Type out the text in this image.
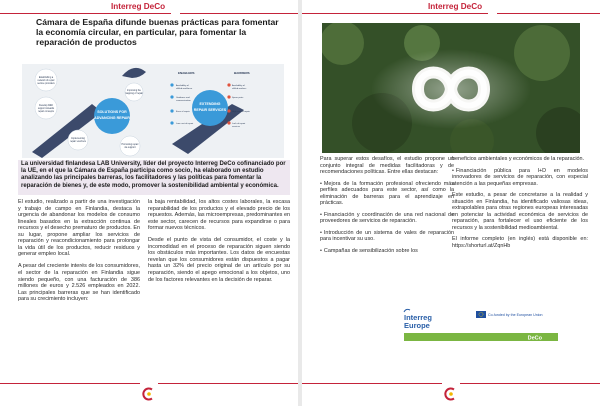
Interreg DeCo
Cámara de España difunde buenas prácticas para fomentar la economía circular, en particular, para fomentar la reparación de productos
SOLUTIONS FOR
ADVANCING REPAIR
Establishing a
network of repair
service providers
Develop R&D
support towards
repair concepts
Implementing
repair vouchers
Promoting repair
via support
Improving the
mapping of repair
EXTENDING
REPAIR SERVICES
ENABLERS	BARRIERS
Availability of
skilled workforce
Guidance and
communication
Ease of repair
Low cost of repair
Availability of
skilled workers
Spare parts
High cost of repair
Lack of repair
services
La universidad finlandesa LAB University, líder del proyecto Interreg DeCo cofinanciado por la UE, en el que la Cámara de España participa como socio, ha elaborado un estudio analizando las principales barreras, los facilitadores y las políticas para fomentar la reparación de bienes y, de este modo, promover la sostenibilidad ambiental y económica.

El estudio, realizado a partir de una investigación y trabajo de campo en Finlandia, destaca la urgencia de abandonar los modelos de consumo lineales basados en la extracción continua de recursos y el desecho prematuro de productos. En su lugar, propone ampliar los servicios de reparación y reacondicionamiento para prolongar la vida útil de los productos, reducir residuos y generar empleo local.

A pesar del creciente interés de los consumidores, el sector de la reparación en Finlandia sigue siendo pequeño, con una facturación de 386 millones de euros y 2.526 empleados en 2022. Las principales barreras que se han identificado para su crecimiento incluyen:

la baja rentabilidad, los altos costes laborales, la escasa reparabilidad de los productos y el elevado precio de los repuestos. Además, las microempresas, predominantes en este sector, carecen de recursos para expandirse o para formar nuevos técnicos.

Desde el punto de vista del consumidor, el coste y la incomodidad en el proceso de reparación siguen siendo los obstáculos más importantes. Los datos de encuestas revelan que los consumidores están dispuestos a pagar hasta un 32% del precio original de un artículo por su reparación, siendo el apego emocional a los objetos, uno de los factores relevantes en la decisión de reparar.

Interreg DeCo

Para superar estos desafíos, el estudio propone un conjunto integral de medidas facilitadoras y de recomendaciones políticas. Entre ellas destacan:

• Mejora de la formación profesional ofreciendo más perfiles adecuados para este sector, así como la eliminación de barreras para el aprendizaje en prácticas.

• Financiación y coordinación de una red nacional de proveedores de servicios de reparación.

• Introducción de un sistema de vales de reparación para incentivar su uso.

• Campañas de sensibilización sobre los

beneficios ambientales y económicos de la reparación.

• Financiación pública para I+D en modelos innovadores de servicios de reparación, con especial atención a las pequeñas empresas.

Este estudio, a pesar de concretarse a la realidad y situación en Finlandia, ha identificado valiosas ideas, extrapolables para otras regiones europeas interesadas en potenciar la actividad económica de servicios de reparación, para fortalecer el uso eficiente de los recursos y la sostenibilidad medioambiental.

El informe completo (en inglés) está disponible en: https://shorturl.at/ZqnHb

Interreg
Europe
Co-funded by the European Union
DeCo
